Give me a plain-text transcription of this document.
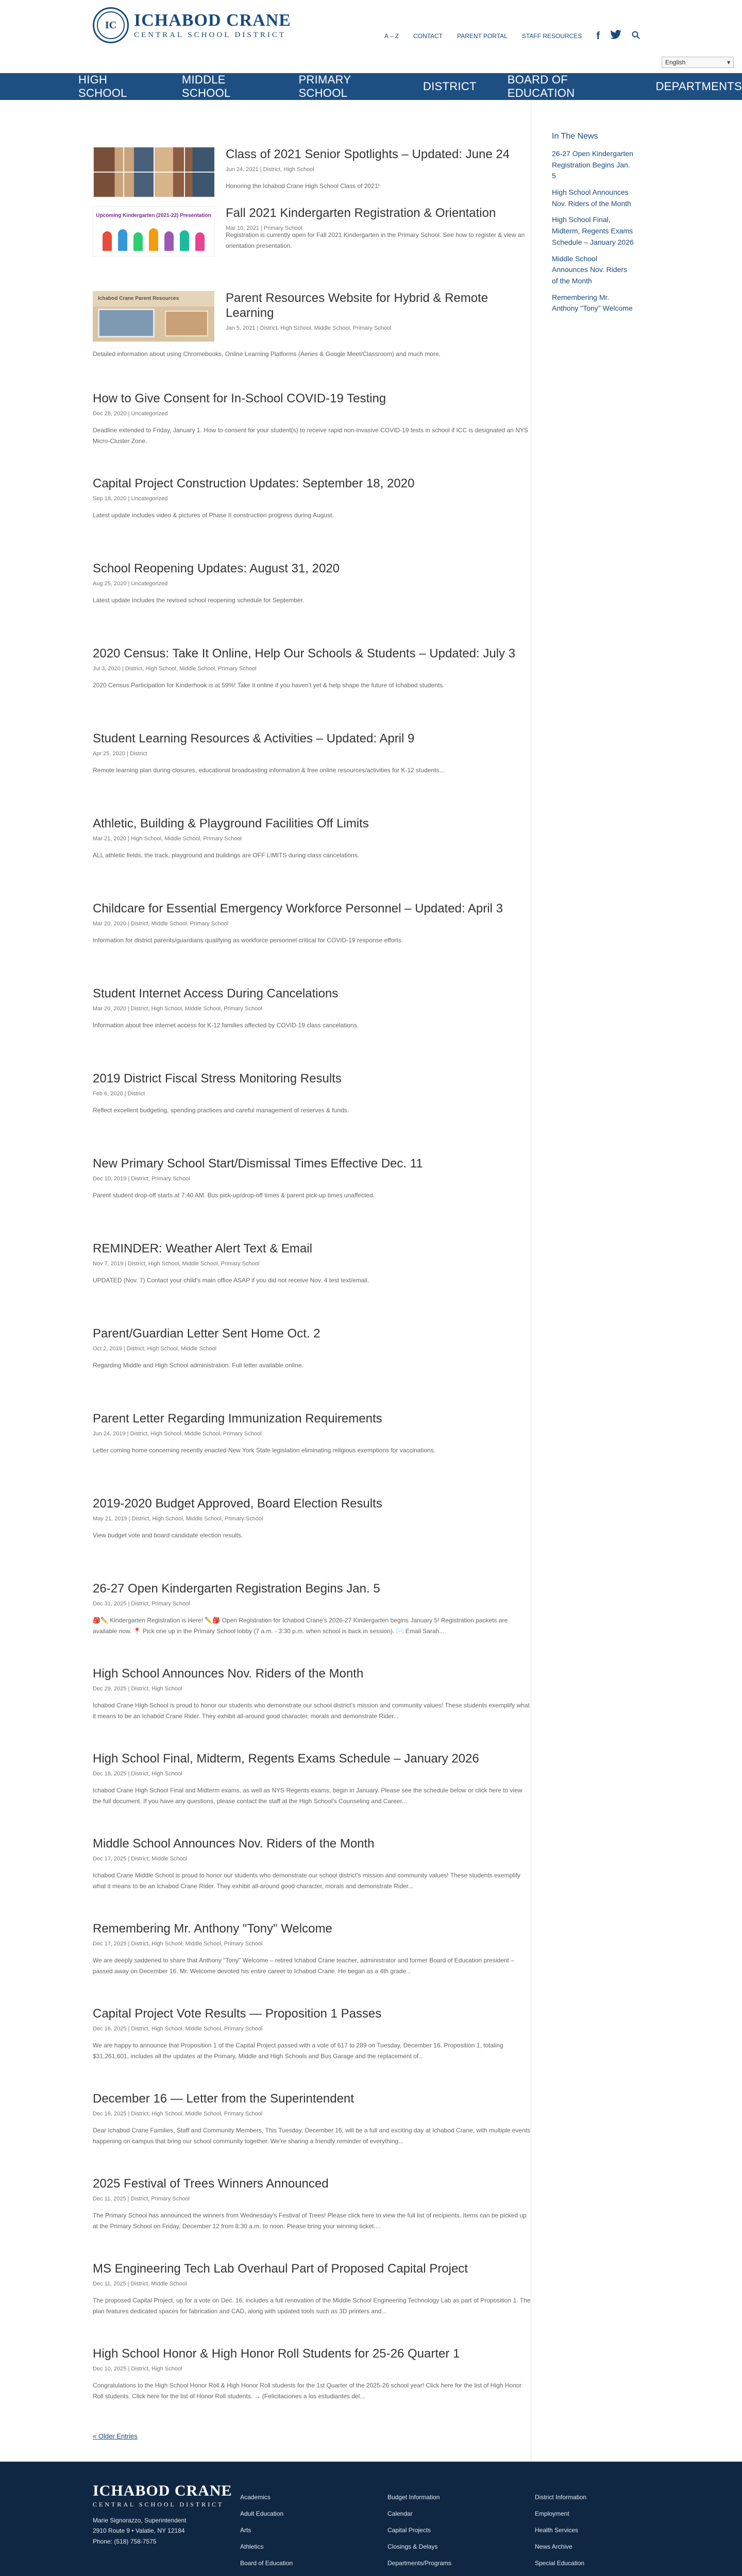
IC ICHABOD CRANE
CENTRAL SCHOOL DISTRICT	A – Z CONTACT PARENT PORTAL STAFF RESOURCES f
English	▾
HIGH SCHOOL
MIDDLE SCHOOL
PRIMARY SCHOOL
DISTRICT
BOARD OF EDUCATION
DEPARTMENTS
Class of 2021 Senior Spotlights – Updated: June 24
Jun 24, 2021 | District, High School
Honoring the Ichabod Crane High School Class of 2021!
Upcoming Kindergarten (2021-22) Presentation Fall 2021 Kindergarten Registration & Orientation
Mar 10, 2021 | Primary School
Registration is currently open for Fall 2021 Kindergarten in the Primary School. See how to register & view an orientation presentation.
Ichabod Crane Parent Resources	Parent Resources Website for Hybrid & Remote Learning
Jan 5, 2021 | District, High School, Middle School, Primary School
Detailed information about using Chromebooks, Online Learning Platforms (Aeries & Google Meet/Classroom) and much more.
How to Give Consent for In-School COVID-19 Testing
Dec 28, 2020 | Uncategorized
Deadline extended to Friday, January 1. How to consent for your student(s) to receive rapid non-invasive COVID-19 tests in school if ICC is designated an NYS Micro-Cluster Zone.
Capital Project Construction Updates: September 18, 2020
Sep 18, 2020 | Uncategorized
Latest update includes video & pictures of Phase II construction progress during August.
School Reopening Updates: August 31, 2020
Aug 25, 2020 | Uncategorized
Latest update includes the revised school reopening schedule for September.
2020 Census: Take It Online, Help Our Schools & Students – Updated: July 3
Jul 3, 2020 | District, High School, Middle School, Primary School
2020 Census Participation for Kinderhook is at 59%! Take it online if you haven't yet & help shape the future of Ichabod students.
Student Learning Resources & Activities – Updated: April 9
Apr 25, 2020 | District
Remote learning plan during closures, educational broadcasting information & free online resources/activities for K-12 students...
Athletic, Building & Playground Facilities Off Limits
Mar 21, 2020 | High School, Middle School, Primary School
ALL athletic fields, the track, playground and buildings are OFF LIMITS during class cancelations.
Childcare for Essential Emergency Workforce Personnel – Updated: April 3
Mar 20, 2020 | District, Middle School, Primary School
Information for district parents/guardians qualifying as workforce personnel critical for COVID-19 response efforts.
Student Internet Access During Cancelations
Mar 20, 2020 | District, High School, Middle School, Primary School
Information about free internet access for K-12 families affected by COVID-19 class cancelations.
2019 District Fiscal Stress Monitoring Results
Feb 6, 2020 | District
Reflect excellent budgeting, spending practices and careful management of reserves & funds.
New Primary School Start/Dismissal Times Effective Dec. 11
Dec 10, 2019 | District, Primary School
Parent student drop-off starts at 7:40 AM. Bus pick-up/drop-off times & parent pick-up times unaffected.
REMINDER: Weather Alert Text & Email
Nov 7, 2019 | District, High School, Middle School, Primary School
UPDATED (Nov. 7) Contact your child's main office ASAP if you did not receive Nov. 4 test text/email.
Parent/Guardian Letter Sent Home Oct. 2
Oct 2, 2019 | District, High School, Middle School
Regarding Middle and High School administration. Full letter available online.
Parent Letter Regarding Immunization Requirements
Jun 24, 2019 | District, High School, Middle School, Primary School
Letter coming home concerning recently enacted New York State legislation eliminating religious exemptions for vaccinations.
2019-2020 Budget Approved, Board Election Results
May 21, 2019 | District, High School, Middle School, Primary School
View budget vote and board candidate election results.
26-27 Open Kindergarten Registration Begins Jan. 5
Dec 31, 2025 | District, Primary School
🎒✏️ Kindergarten Registration is Here! ✏️🎒 Open Registration for Ichabod Crane's 2026-27 Kindergarten begins January 5! Registration packets are available now. 📍 Pick one up in the Primary School lobby (7 a.m. - 3:30 p.m. when school is back in session). ✉️ Email Sarah...
High School Announces Nov. Riders of the Month
Dec 29, 2025 | District, High School
Ichabod Crane High School is proud to honor our students who demonstrate our school district's mission and community values! These students exemplify what it means to be an Ichabod Crane Rider. They exhibit all-around good character, morals and demonstrate Rider...
High School Final, Midterm, Regents Exams Schedule – January 2026
Dec 18, 2025 | District, High School
Ichabod Crane High School Final and Midterm exams, as well as NYS Regents exams, begin in January. Please see the schedule below or click here to view the full document. If you have any questions, please contact the staff at the High School's Counseling and Career...
Middle School Announces Nov. Riders of the Month
Dec 17, 2025 | District, Middle School
Ichabod Crane Middle School is proud to honor our students who demonstrate our school district's mission and community values! These students exemplify what it means to be an Ichabod Crane Rider. They exhibit all-around good character, morals and demonstrate Rider...
Remembering Mr. Anthony "Tony" Welcome
Dec 17, 2025 | District, High School, Middle School, Primary School
We are deeply saddened to share that Anthony "Tony" Welcome – retired Ichabod Crane teacher, administrator and former Board of Education president – passed away on December 16. Mr. Welcome devoted his entire career to Ichabod Crane. He began as a 4th grade...
Capital Project Vote Results — Proposition 1 Passes
Dec 16, 2025 | District, High School, Middle School, Primary School
We are happy to announce that Proposition 1 of the Capital Project passed with a vote of 617 to 289 on Tuesday, December 16. Proposition 1, totaling $31,261,601, includes all the updates at the Primary, Middle and High Schools and Bus Garage and the replacement of...
December 16 — Letter from the Superintendent
Dec 16, 2025 | District, High School, Middle School, Primary School
Dear Ichabod Crane Families, Staff and Community Members, This Tuesday, December 16, will be a full and exciting day at Ichabod Crane, with multiple events happening on campus that bring our school community together. We're sharing a friendly reminder of everything...
2025 Festival of Trees Winners Announced
Dec 11, 2025 | District, Primary School
The Primary School has announced the winners from Wednesday's Festival of Trees! Please click here to view the full list of recipients. Items can be picked up at the Primary School on Friday, December 12 from 8:30 a.m. to noon. Please bring your winning ticket....
MS Engineering Tech Lab Overhaul Part of Proposed Capital Project
Dec 11, 2025 | District, Middle School
The proposed Capital Project, up for a vote on Dec. 16, includes a full renovation of the Middle School Engineering Technology Lab as part of Proposition 1. The plan features dedicated spaces for fabrication and CAD, along with updated tools such as 3D printers and...
High School Honor & High Honor Roll Students for 25-26 Quarter 1
Dec 10, 2025 | District, High School
Congratulations to the High School Honor Roll & High Honor Roll students for the 1st Quarter of the 2025-26 school year! Click here for the list of High Honor Roll students. Click here for the list of Honor Roll students. → (Felicitaciones a los estudiantes del...
« Older Entries
In The News
26-27 Open Kindergarten Registration Begins Jan. 5
High School Announces Nov. Riders of the Month
High School Final, Midterm, Regents Exams Schedule – January 2026
Middle School Announces Nov. Riders of the Month
Remembering Mr. Anthony "Tony" Welcome
ICHABOD CRANE
CENTRAL SCHOOL DISTRICT
Marie Signorazzo, Superintendent
2910 Route 9 • Valatie, NY 12184
Phone: (518) 758-7575
Academics
Adult Education
Arts
Athletics
Board of Education
Budget Information
Calendar
Capital Projects
Closings & Delays
Departments/Programs
District Information
Employment
Health Services
News Archive
Special Education
